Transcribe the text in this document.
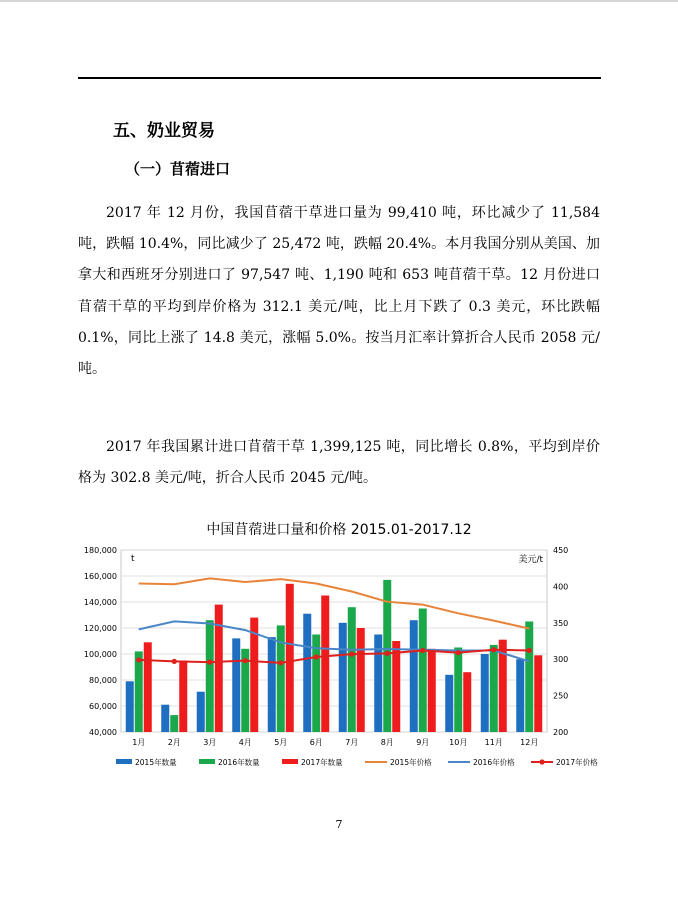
五、奶业贸易
（一）苜蓿进口

2017 年 12 月份，我国苜蓿干草进口量为 99,410 吨，环比减少了 11,584 吨，跌幅 10.4%，同比减少了 25,472 吨，跌幅 20.4%。本月我国分别从美国、加拿大和西班牙分别进口了 97,547 吨、1,190 吨和 653 吨苜蓿干草。12 月份进口苜蓿干草的平均到岸价格为 312.1 美元/吨，比上月下跌了 0.3 美元，环比跌幅 0.1%，同比上涨了 14.8 美元，涨幅 5.0%。按当月汇率计算折合人民币 2058 元/吨。

2017 年我国累计进口苜蓿干草 1,399,125 吨，同比增长 0.8%，平均到岸价格为 302.8 美元/吨，折合人民币 2045 元/吨。

中国苜蓿进口量和价格 2015.01-2017.12
40,000
60,000
80,000
100,000
120,000
140,000
160,000
180,000
200
250
300
350
400
450
t	美元/t
1月	2月	3月	4月	5月	6月	7月	8月	9月 10月 11月 12月
2015年数量	2016年数量	2017年数量	2015年价格	2016年价格	2017年价格
7
